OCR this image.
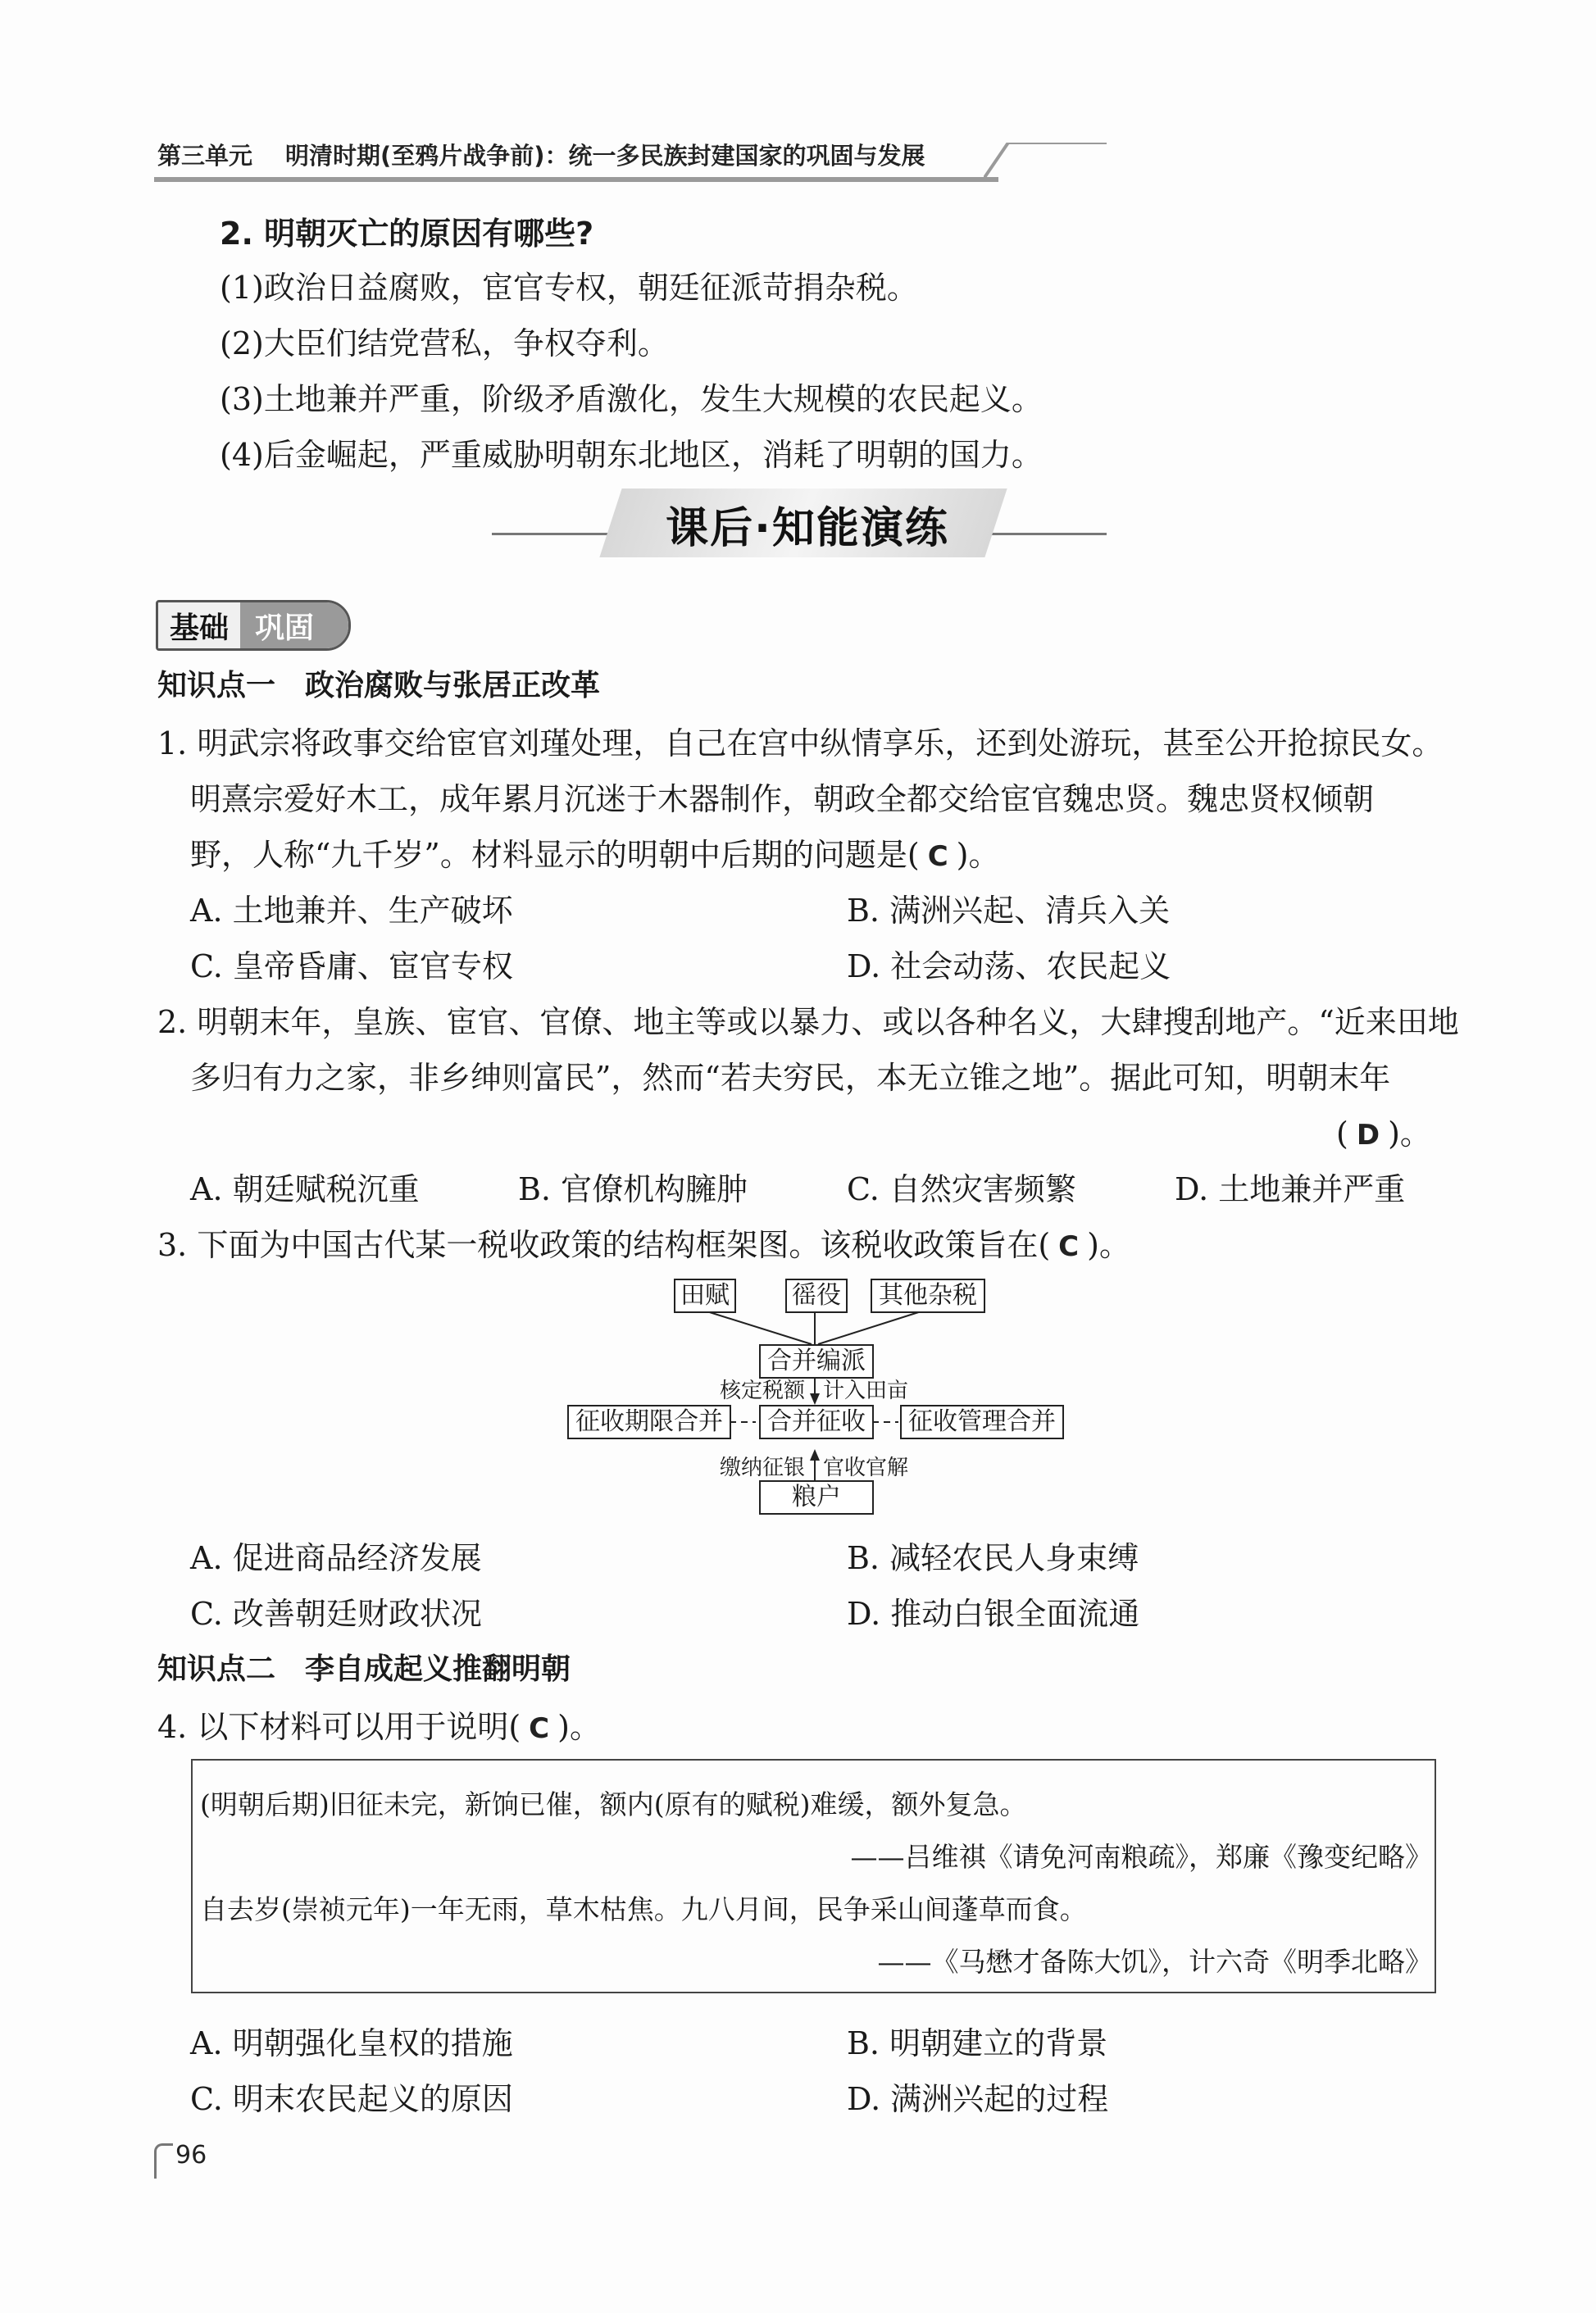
第三单元 明清时期(至鸦片战争前)：统一多民族封建国家的巩固与发展
2. 明朝灭亡的原因有哪些?
(1)政治日益腐败，宦官专权，朝廷征派苛捐杂税。
(2)大臣们结党营私，争权夺利。
(3)土地兼并严重，阶级矛盾激化，发生大规模的农民起义。
(4)后金崛起，严重威胁明朝东北地区，消耗了明朝的国力。
课后·知能演练
基础 巩固
知识点一　政治腐败与张居正改革
1. 明武宗将政事交给宦官刘瑾处理，自己在宫中纵情享乐，还到处游玩，甚至公开抢掠民女。
明熹宗爱好木工，成年累月沉迷于木器制作，朝政全都交给宦官魏忠贤。魏忠贤权倾朝
野，人称“九千岁”。材料显示的明朝中后期的问题是( C )。
A. 土地兼并、生产破坏	B. 满洲兴起、清兵入关
C. 皇帝昏庸、宦官专权	D. 社会动荡、农民起义
2. 明朝末年，皇族、宦官、官僚、地主等或以暴力、或以各种名义，大肆搜刮地产。“近来田地
多归有力之家，非乡绅则富民”，然而“若夫穷民，本无立锥之地”。据此可知，明朝末年
( D )。
A. 朝廷赋税沉重	B. 官僚机构臃肿	C. 自然灾害频繁	D. 土地兼并严重
3. 下面为中国古代某一税收政策的结构框架图。该税收政策旨在( C )。
田赋	徭役	其他杂税
合并编派
核定税额 计入田亩
征收期限合并	合并征收	征收管理合并
缴纳征银 官收官解
粮户
A. 促进商品经济发展	B. 减轻农民人身束缚
C. 改善朝廷财政状况	D. 推动白银全面流通
知识点二　李自成起义推翻明朝
4. 以下材料可以用于说明( C )。
(明朝后期)旧征未完，新饷已催，额内(原有的赋税)难缓，额外复急。
——吕维祺《请免河南粮疏》，郑廉《豫变纪略》
自去岁(崇祯元年)一年无雨，草木枯焦。九八月间，民争采山间蓬草而食。
——《马懋才备陈大饥》，计六奇《明季北略》
A. 明朝强化皇权的措施	B. 明朝建立的背景
C. 明末农民起义的原因	D. 满洲兴起的过程
96
